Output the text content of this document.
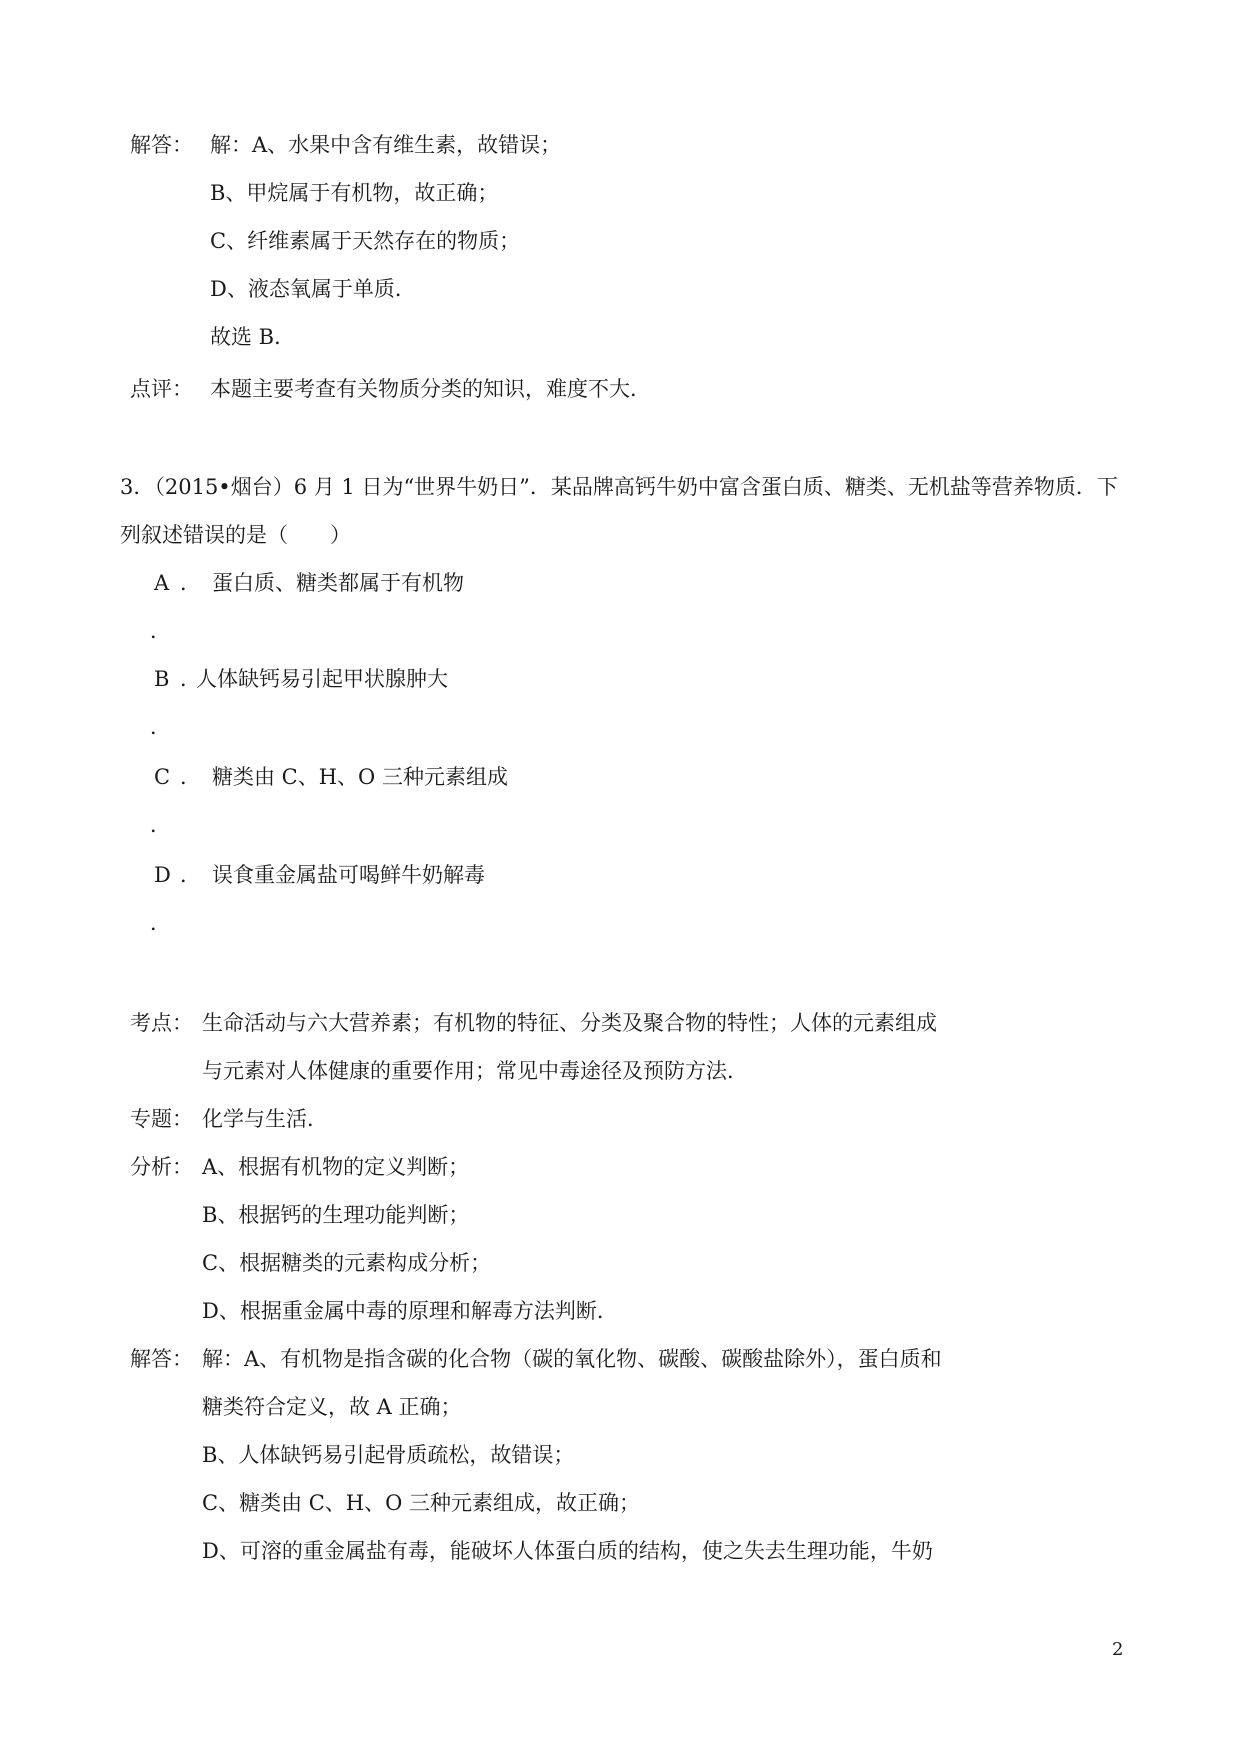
解答： 解：A、水果中含有维生素，故错误；
B、甲烷属于有机物，故正确；
C、纤维素属于天然存在的物质；
D、液态氧属于单质．
故选 B．
点评： 本题主要考查有关物质分类的知识，难度不大．
3．（2015•烟台）6 月 1 日为“世界牛奶日”．某品牌高钙牛奶中富含蛋白质、糖类、无机盐等营养物质．下
列叙述错误的是（　　）
A ． 蛋白质、糖类都属于有机物
．
B ．
人体缺钙易引起甲状腺肿大
．
C ． 糖类由 C、H、O 三种元素组成
．
D ． 误食重金属盐可喝鲜牛奶解毒
．
考点： 生命活动与六大营养素；有机物的特征、分类及聚合物的特性；人体的元素组成
与元素对人体健康的重要作用；常见中毒途径及预防方法．
专题： 化学与生活．
分析： A、根据有机物的定义判断；
B、根据钙的生理功能判断；
C、根据糖类的元素构成分析；
D、根据重金属中毒的原理和解毒方法判断．
解答： 解：A、有机物是指含碳的化合物（碳的氧化物、碳酸、碳酸盐除外），蛋白质和
糖类符合定义，故 A 正确；
B、人体缺钙易引起骨质疏松，故错误；
C、糖类由 C、H、O 三种元素组成，故正确；
D、可溶的重金属盐有毒，能破坏人体蛋白质的结构，使之失去生理功能，牛奶
2
